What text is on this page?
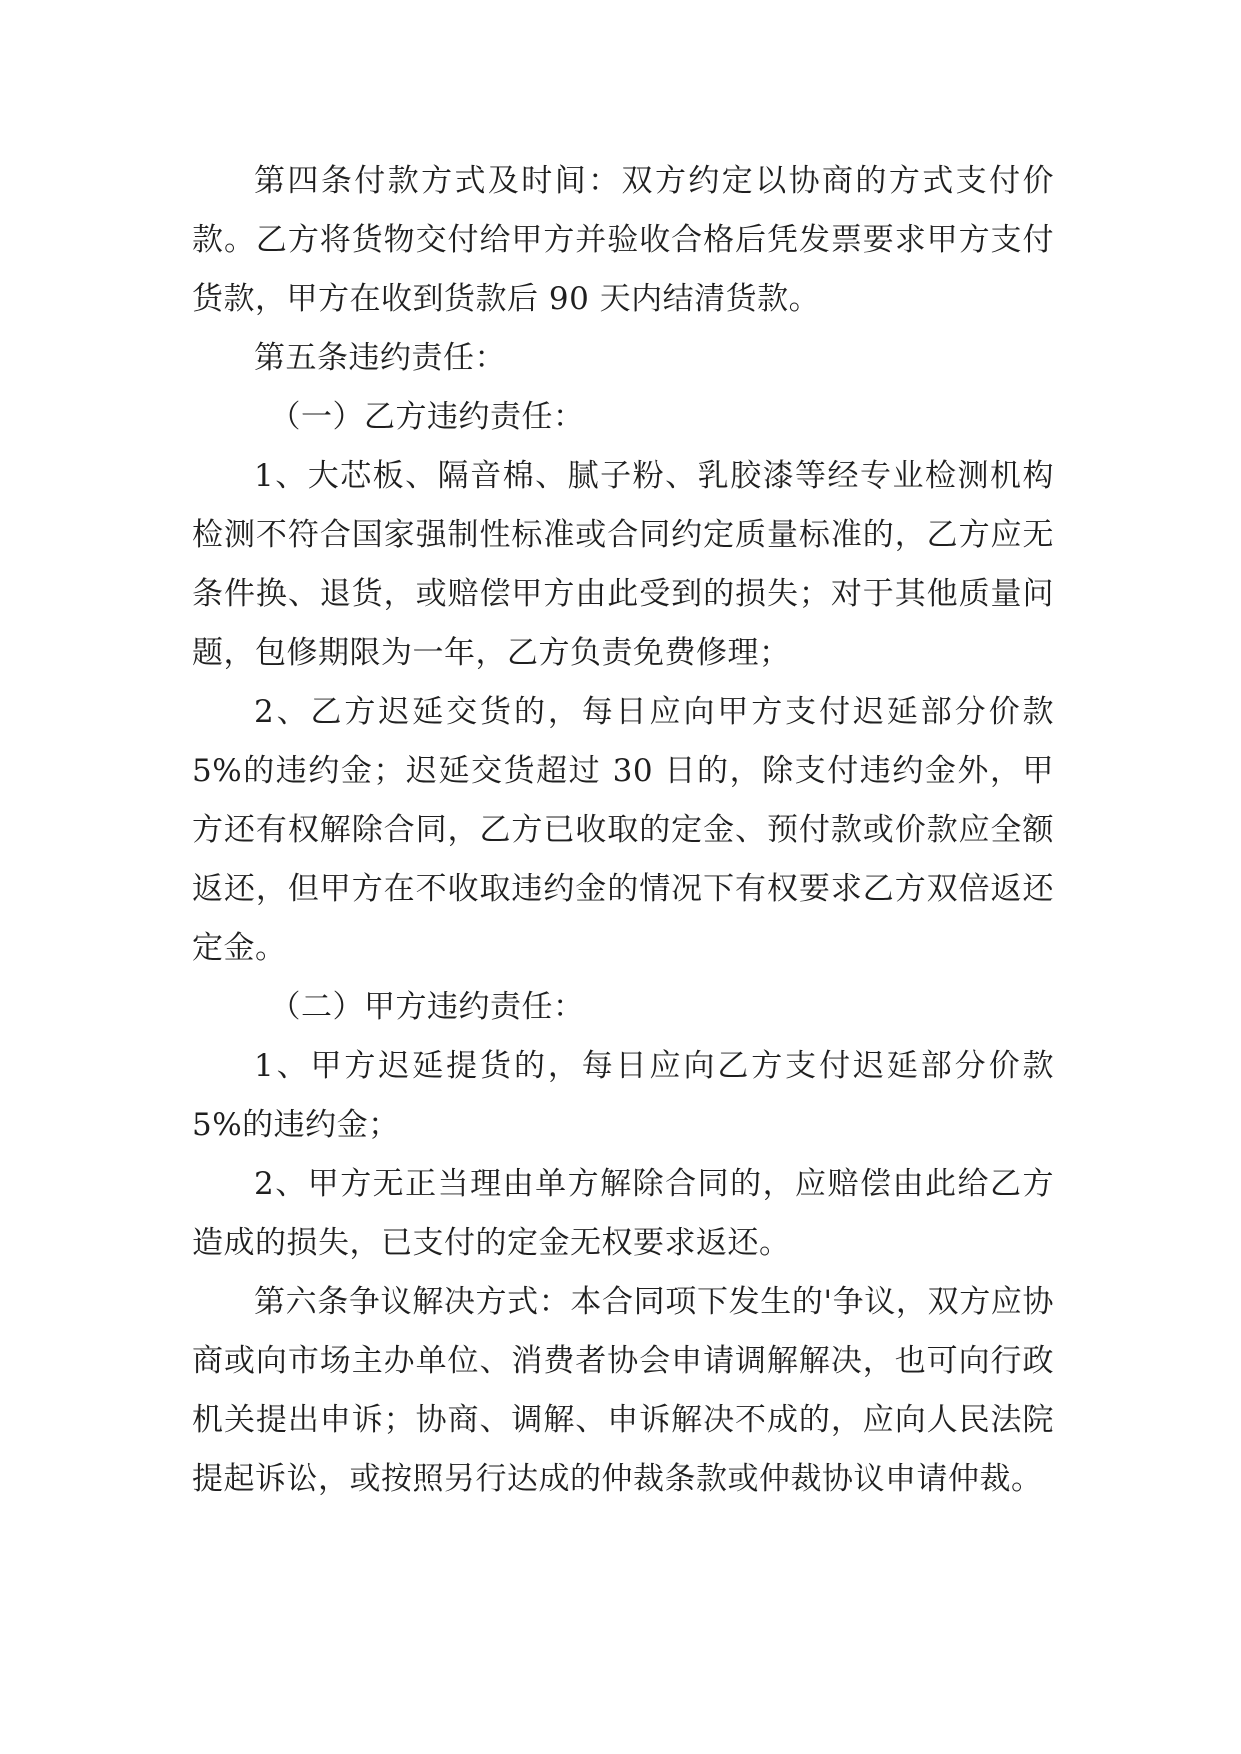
第四条付款方式及时间：双方约定以协商的方式支付价款。乙方将货物交付给甲方并验收合格后凭发票要求甲方支付货款，甲方在收到货款后 90 天内结清货款。

第五条违约责任：

（一）乙方违约责任：

1、大芯板、隔音棉、腻子粉、乳胶漆等经专业检测机构检测不符合国家强制性标准或合同约定质量标准的，乙方应无条件换、退货，或赔偿甲方由此受到的损失；对于其他质量问题，包修期限为一年，乙方负责免费修理；

2、乙方迟延交货的，每日应向甲方支付迟延部分价款 5%的违约金；迟延交货超过 30 日的，除支付违约金外，甲方还有权解除合同，乙方已收取的定金、预付款或价款应全额返还，但甲方在不收取违约金的情况下有权要求乙方双倍返还定金。

（二）甲方违约责任：

1、甲方迟延提货的，每日应向乙方支付迟延部分价款 5%的违约金；

2、甲方无正当理由单方解除合同的，应赔偿由此给乙方造成的损失，已支付的定金无权要求返还。

第六条争议解决方式：本合同项下发生的'争议，双方应协商或向市场主办单位、消费者协会申请调解解决，也可向行政机关提出申诉；协商、调解、申诉解决不成的，应向人民法院提起诉讼，或按照另行达成的仲裁条款或仲裁协议申请仲裁。
